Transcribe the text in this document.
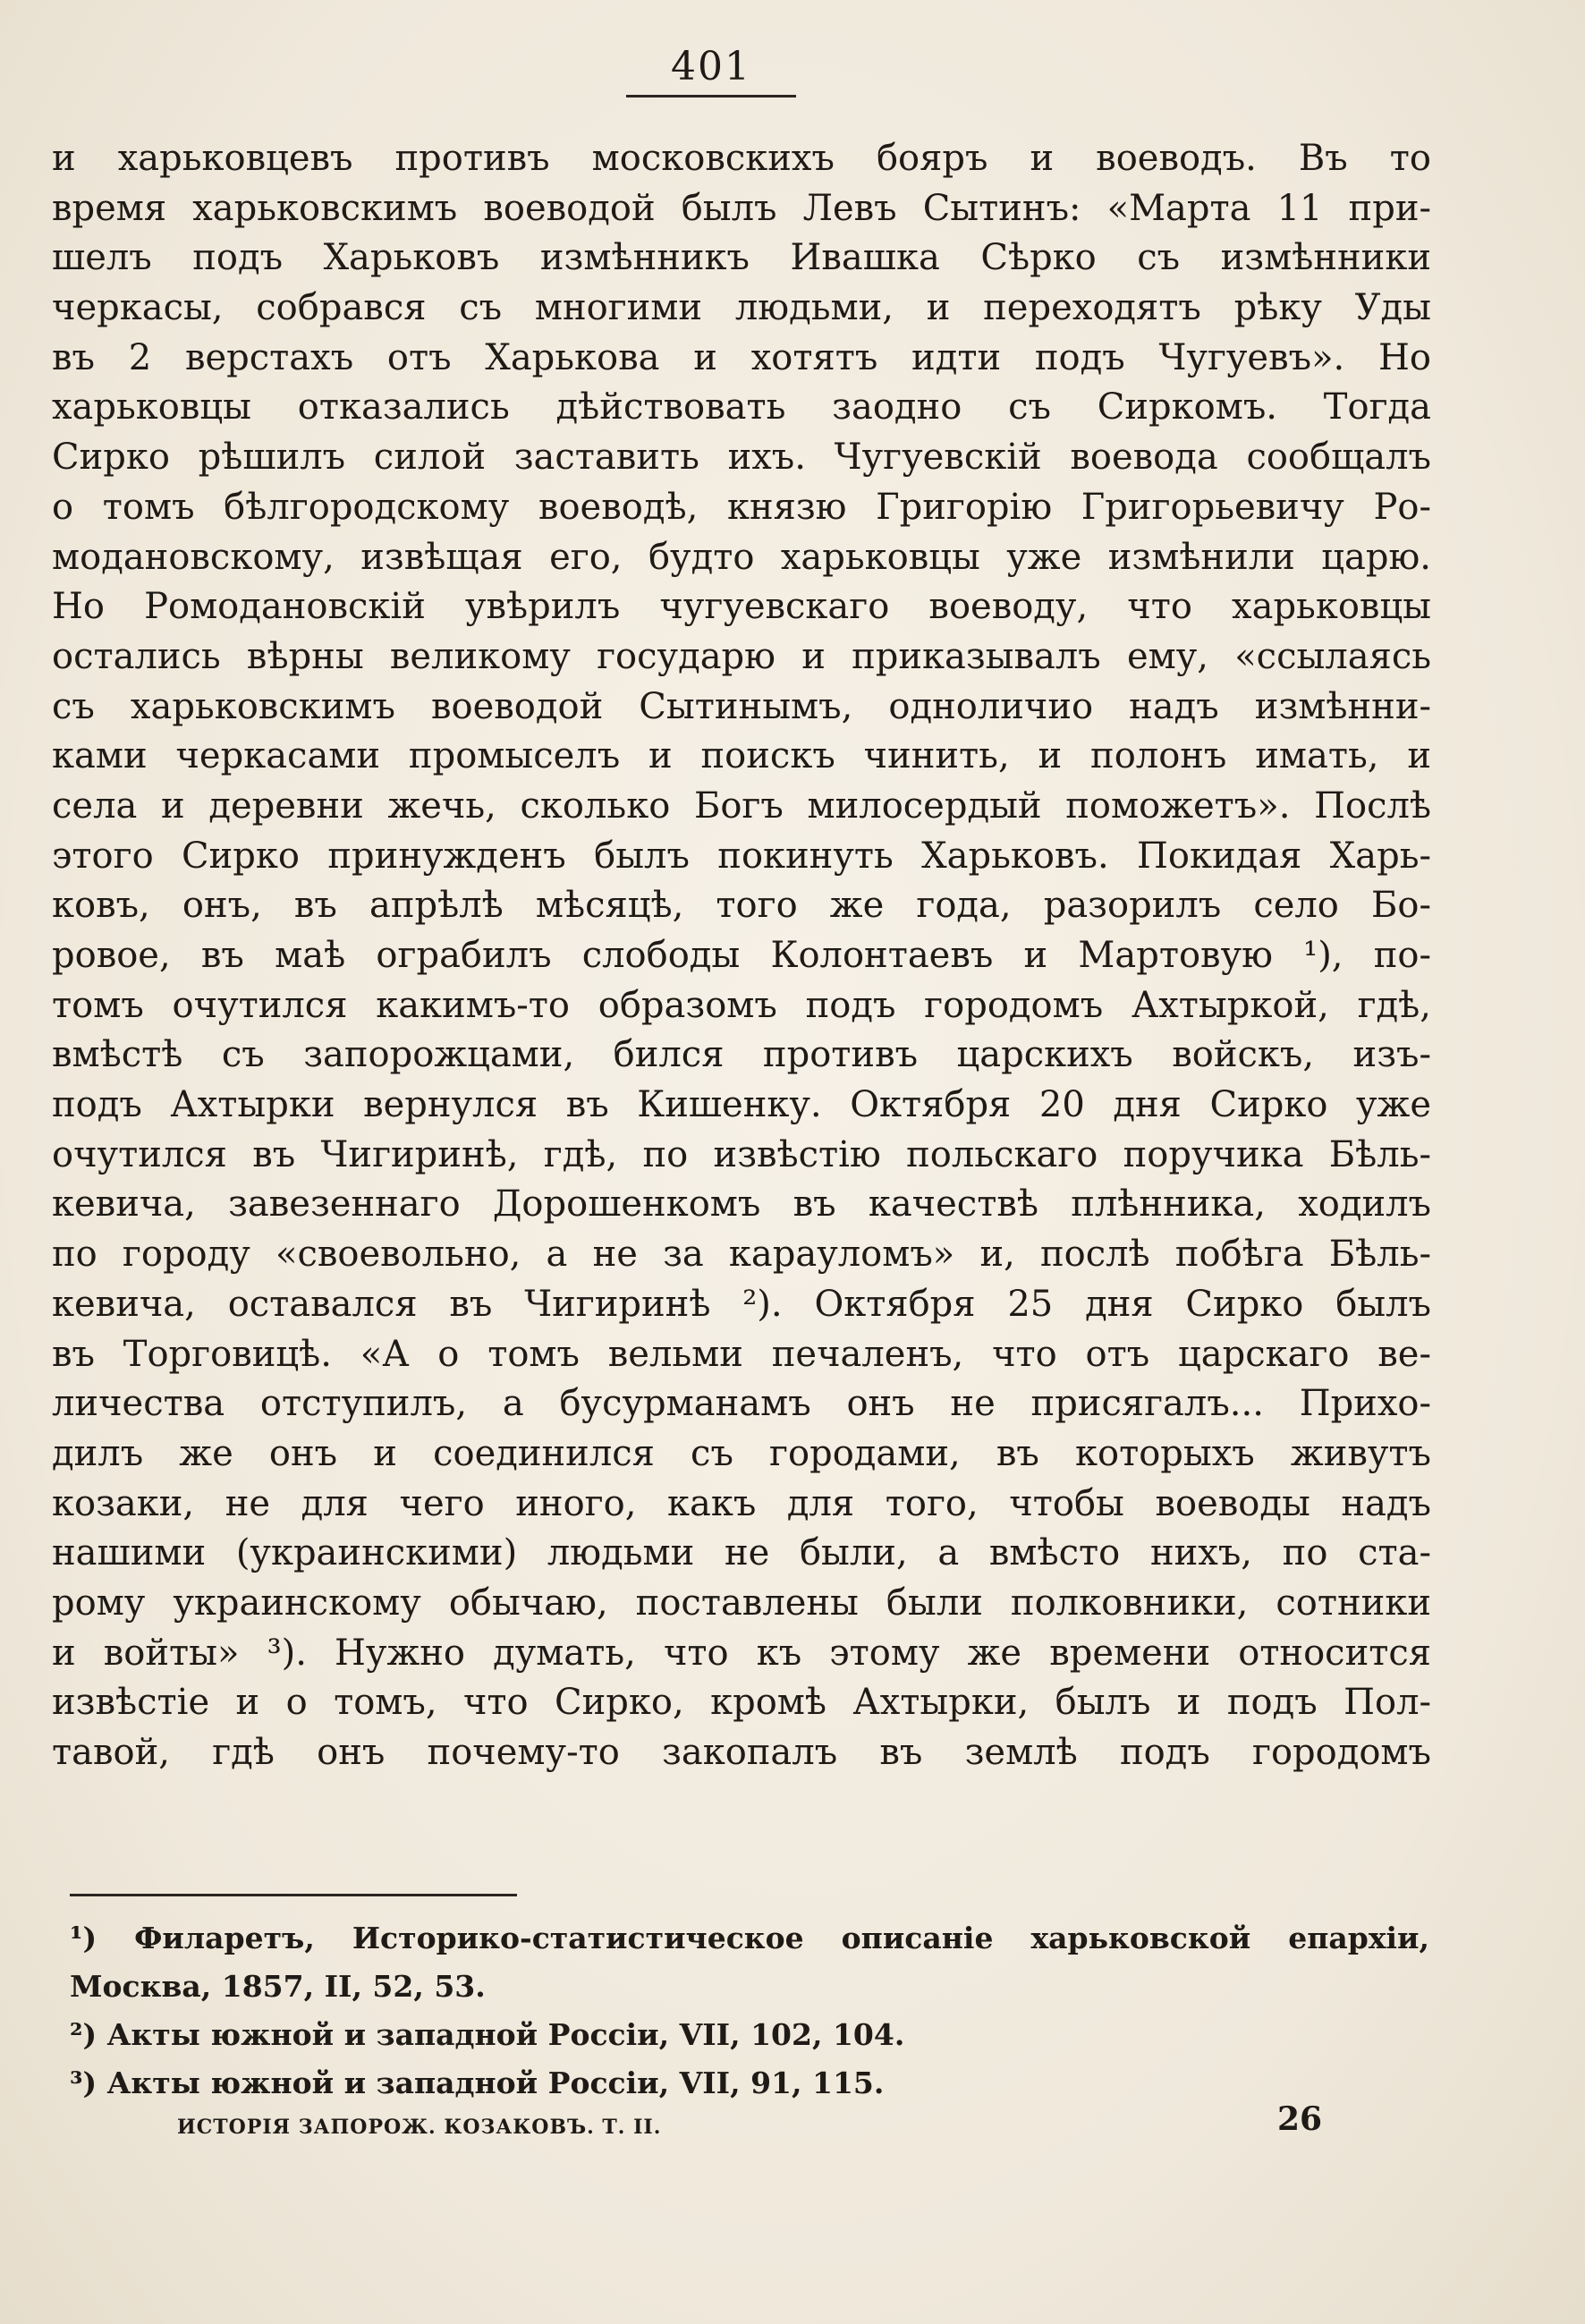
401
и харьковцевъ противъ московскихъ бояръ и воеводъ. Въ то
время харьковскимъ воеводой былъ Левъ Сытинъ: «Марта 11 при-
шелъ подъ Харьковъ измѣнникъ Ивашка Сѣрко съ измѣнники
черкасы, собрався съ многими людьми, и переходятъ рѣку Уды
въ 2 верстахъ отъ Харькова и хотятъ идти подъ Чугуевъ». Но
харьковцы отказались дѣйствовать заодно съ Сиркомъ. Тогда
Сирко рѣшилъ силой заставить ихъ. Чугуевскій воевода сообщалъ
о томъ бѣлгородскому воеводѣ, князю Григорію Григорьевичу Ро-
модановскому, извѣщая его, будто харьковцы уже измѣнили царю.
Но Ромодановскій увѣрилъ чугуевскаго воеводу, что харьковцы
остались вѣрны великому государю и приказывалъ ему, «ссылаясь
съ харьковскимъ воеводой Сытинымъ, одноличио надъ измѣнни-
ками черкасами промыселъ и поискъ чинить, и полонъ имать, и
села и деревни жечь, сколько Богъ милосердый поможетъ». Послѣ
этого Сирко принужденъ былъ покинуть Харьковъ. Покидая Харь-
ковъ, онъ, въ апрѣлѣ мѣсяцѣ, того же года, разорилъ село Бо-
ровое, въ маѣ ограбилъ слободы Колонтаевъ и Мартовую ¹), по-
томъ очутился какимъ-то образомъ подъ городомъ Ахтыркой, гдѣ,
вмѣстѣ съ запорожцами, бился противъ царскихъ войскъ, изъ-
подъ Ахтырки вернулся въ Кишенку. Октября 20 дня Сирко уже
очутился въ Чигиринѣ, гдѣ, по извѣстію польскаго поручика Бѣль-
кевича, завезеннаго Дорошенкомъ въ качествѣ плѣнника, ходилъ
по городу «своевольно, а не за карауломъ» и, послѣ побѣга Бѣль-
кевича, оставался въ Чигиринѣ ²). Октября 25 дня Сирко былъ
въ Торговицѣ. «А о томъ вельми печаленъ, что отъ царскаго ве-
личества отступилъ, а бусурманамъ онъ не присягалъ... Прихо-
дилъ же онъ и соединился съ городами, въ которыхъ живутъ
козаки, не для чего иного, какъ для того, чтобы воеводы надъ
нашими (украинскими) людьми не были, а вмѣсто нихъ, по ста-
рому украинскому обычаю, поставлены были полковники, сотники
и войты» ³). Нужно думать, что къ этому же времени относится
извѣстіе и о томъ, что Сирко, кромѣ Ахтырки, былъ и подъ Пол-
тавой, гдѣ онъ почему-то закопалъ въ землѣ подъ городомъ
¹) Филаретъ, Историко-статистическое описаніе харьковской епархіи,
Москва, 1857, II, 52, 53.
²) Акты южной и западной Россіи, VII, 102, 104.
³) Акты южной и западной Россіи, VII, 91, 115.
ИСТОРІЯ ЗАПОРОЖ. КОЗАКОВЪ. Т. II.	26
